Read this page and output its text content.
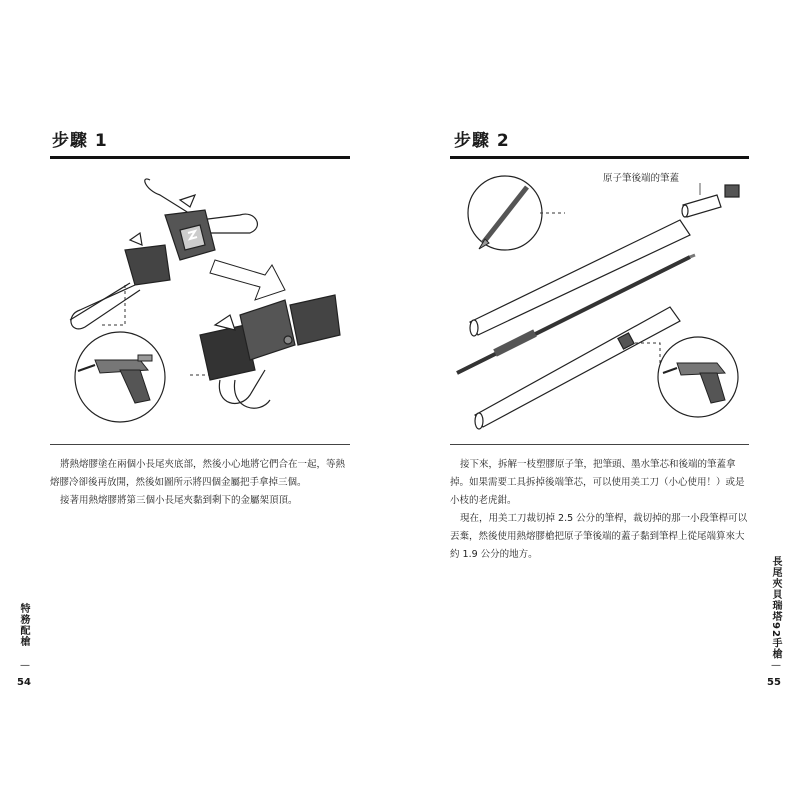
步驟 1

將熱熔膠塗在兩個小長尾夾底部，然後小心地將它們合在一起，等熱熔膠冷卻後再放開，然後如圖所示將四個金屬把手拿掉三個。

接著用熱熔膠將第三個小長尾夾黏到剩下的金屬架頂頂。

特務配槍
—
54
步驟 2
原子筆後端的筆蓋

接下來，拆解一枝塑膠原子筆，把筆頭、墨水筆芯和後端的筆蓋拿掉。如果需要工具拆掉後端筆芯，可以使用美工刀（小心使用！）或是小枝的老虎鉗。

現在，用美工刀裁切掉 2.5 公分的筆桿，裁切掉的那一小段筆桿可以丟棄，然後使用熱熔膠槍把原子筆後端的蓋子黏到筆桿上從尾端算來大約 1.9 公分的地方。

長尾夾貝瑞塔92手槍
—
55
